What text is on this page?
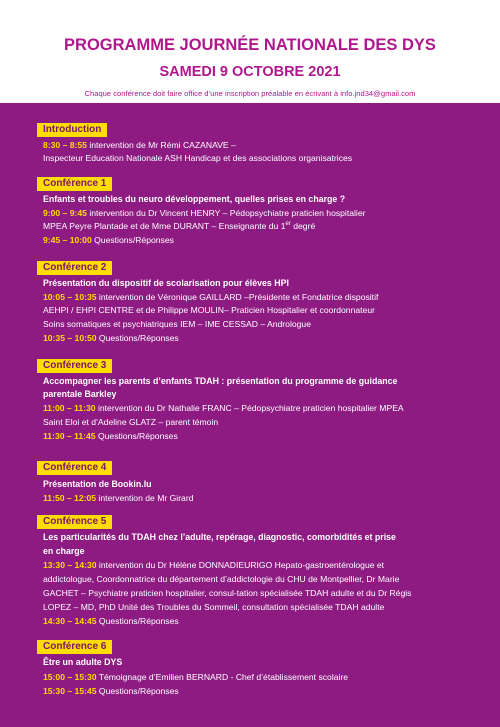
PROGRAMME JOURNÉE NATIONALE DES DYS
SAMEDI 9 OCTOBRE 2021
Chaque conférence doit faire office d’une inscription préalable en écrivant à info.jnd34@gmail.com
Introduction
8:30 – 8:55 intervention de Mr Rémi CAZANAVE –
Inspecteur Education Nationale ASH Handicap et des associations organisatrices
Conférence 1
Enfants et troubles du neuro développement, quelles prises en charge ?
9:00 – 9:45 intervention du Dr Vincent HENRY – Pédopsychiatre praticien hospitalier
MPEA Peyre Plantade et de Mme DURANT – Enseignante du 1er degré
9:45 – 10:00 Questions/Réponses
Conférence 2
Présentation du dispositif de scolarisation pour élèves HPI
10:05 – 10:35 intervention de Véronique GAILLARD –Présidente et Fondatrice dispositif
AEHPI / EHPI CENTRE et de Philippe MOULIN– Praticien Hospitalier et coordonnateur
Soins somatiques et psychiatriques IEM – IME CESSAD – Andrologue
10:35 – 10:50 Questions/Réponses
Conférence 3
Accompagner les parents d’enfants TDAH : présentation du programme de guidance
parentale Barkley
11:00 – 11:30 intervention du Dr Nathalie FRANC – Pédopsychiatre praticien hospitalier MPEA
Saint Eloi et d’Adeline GLATZ – parent témoin
11:30 – 11:45 Questions/Réponses
Conférence 4
Présentation de Bookin.lu
11:50 – 12:05 intervention de Mr Girard
Conférence 5
Les particularités du TDAH chez l’adulte, repérage, diagnostic, comorbidités et prise
en charge
13:30 – 14:30 intervention du Dr Hélène DONNADIEURIGO Hepato-gastroentérologue et
addictologue, Coordonnatrice du département d’addictologie du CHU de Montpellier, Dr Marie
GACHET – Psychiatre praticien hospitalier, consul-tation spécialisée TDAH adulte et du Dr Régis
LOPEZ – MD, PhD Unité des Troubles du Sommeil, consultation spécialisée TDAH adulte
14:30 – 14:45 Questions/Réponses
Conférence 6
Être un adulte DYS
15:00 – 15:30 Témoignage d’Emilien BERNARD - Chef d’établissement scolaire
15:30 – 15:45 Questions/Réponses
